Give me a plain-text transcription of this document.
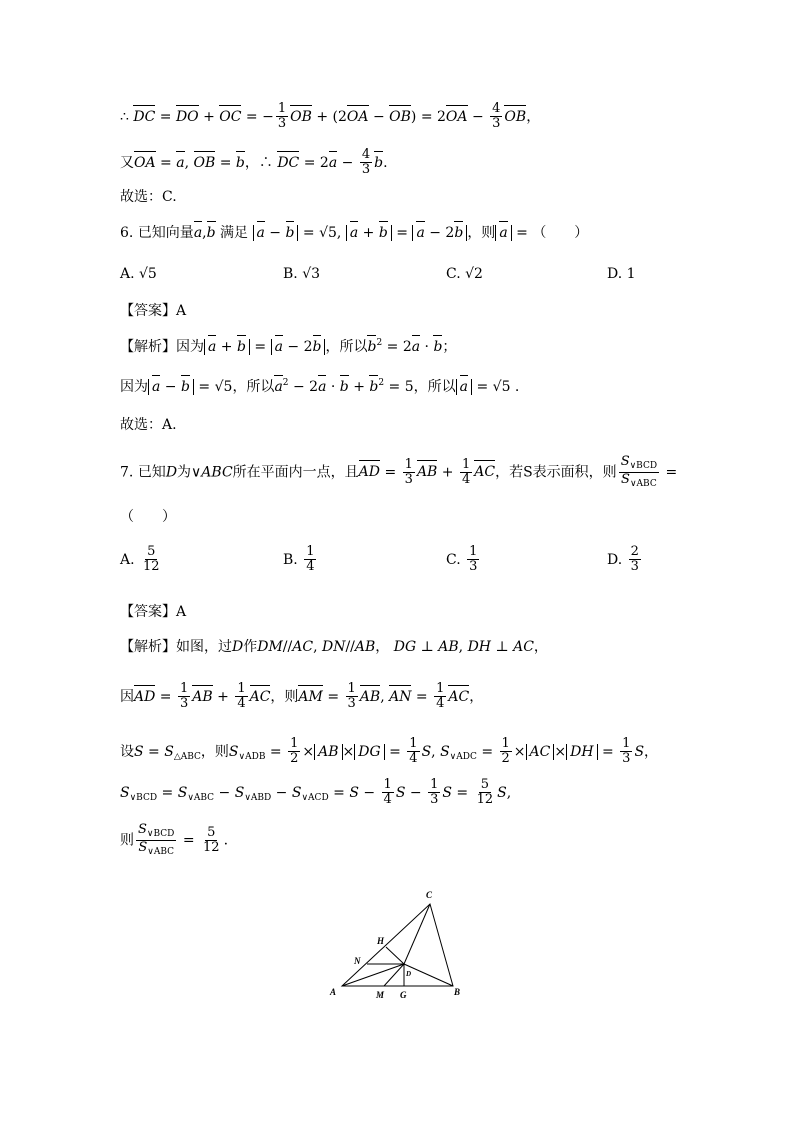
∴ DC = DO + OC = − $\frac{1}{3}$ OB + $(2OA - OB) = 2OA - \frac{4}{3}$ OB，
又OA = a, OB = b，∴ DC = $2a - \frac{4}{3} b$.
故选：C.
6. 已知向量a,b 满足 a − b = √5, a + b = a − 2b ，则 a = （　　）
A. √5	B. √3	C. √2	D. 1
【答案】A
【解析】因为 a + b = a − 2b ，所以$b^2 = 2a \cdot b$；
因为 a − b = √5，所以$a^2 - 2a \cdot b + b^2 = 5$，所以 a = √5 .
故选：A.
7. 已知D为∨ABC所在平面内一点，且AD = $\frac{1}{3}$ AB + $\frac{1}{4}$ AC，若S表示面积，则 $\frac{S_{\vee BCD}}{S_{\vee ABC}}$ =
（　　）
A. $\frac{5}{12}$	B. $\frac{1}{4}$	C. $\frac{1}{3}$	D. $\frac{2}{3}$
【答案】A
【解析】如图，过D作DM//AC, DN//AB， DG ⊥ AB, DH ⊥ AC，
因AD = $\frac{1}{3}$ AB + $\frac{1}{4}$ AC，则AM = $\frac{1}{3}$ AB, AN = $\frac{1}{4}$ AC，
设$S = S_{\triangle ABC}$，则$S_{\vee ADB} = \frac{1}{2}$ × AB × DG = $\frac{1}{4} S$, $S_{\vee ADC} = \frac{1}{2}$ × AC × DH = $\frac{1}{3}$ S，
$S_{\vee BCD} = S_{\vee ABC} - S_{\vee ABD} - S_{\vee ACD} = S - \frac{1}{4}$ $S - \frac{1}{3}$ $S = \frac{5}{12} S$,
则 $\frac{S_{\vee BCD}}{S_{\vee ABC}} = \frac{5}{12}$ .
C
H
N
D
A	M G	B
